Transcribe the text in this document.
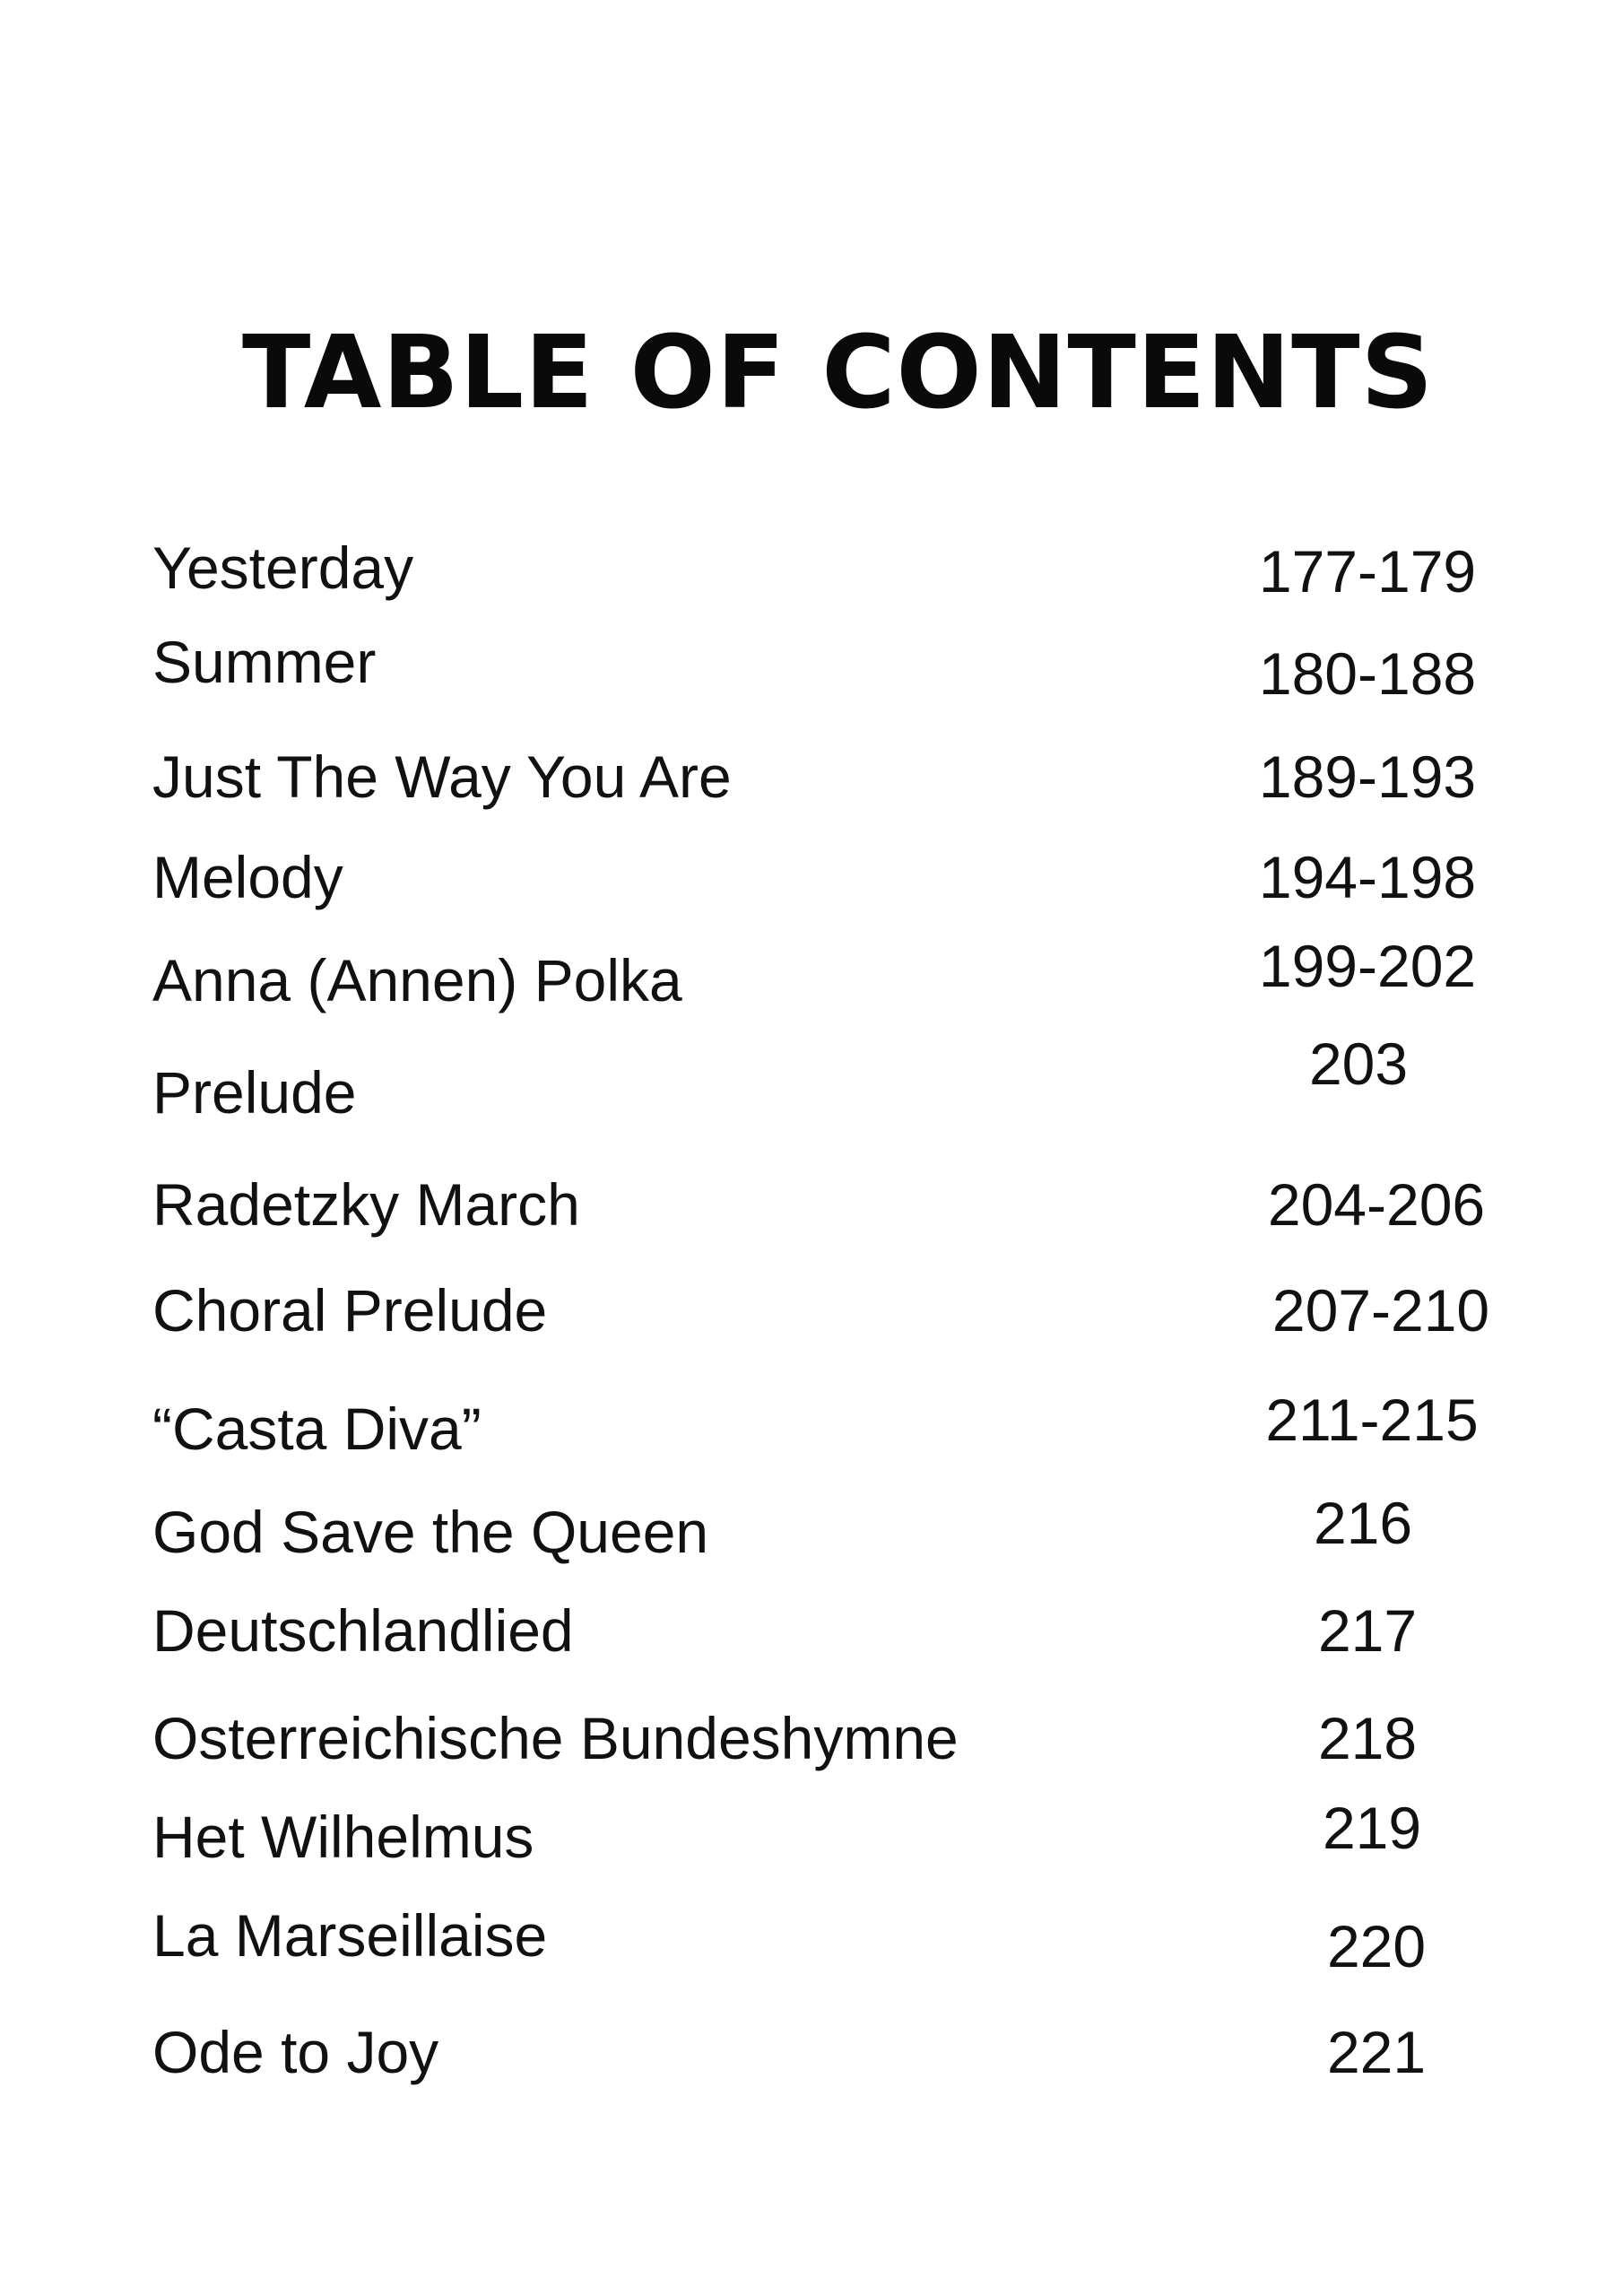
TABLE OF CONTENTS
Yesterday	177-179
Summer	180-188
Just The Way You Are	189-193
Melody	194-198
Anna (Annen) Polka	199-202
Prelude	203
Radetzky March	204-206
Choral Prelude	207-210
“Casta Diva”	211-215
God Save the Queen	216
Deutschlandlied	217
Osterreichische Bundeshymne	218
Het Wilhelmus	219
La Marseillaise	220
Ode to Joy	221
